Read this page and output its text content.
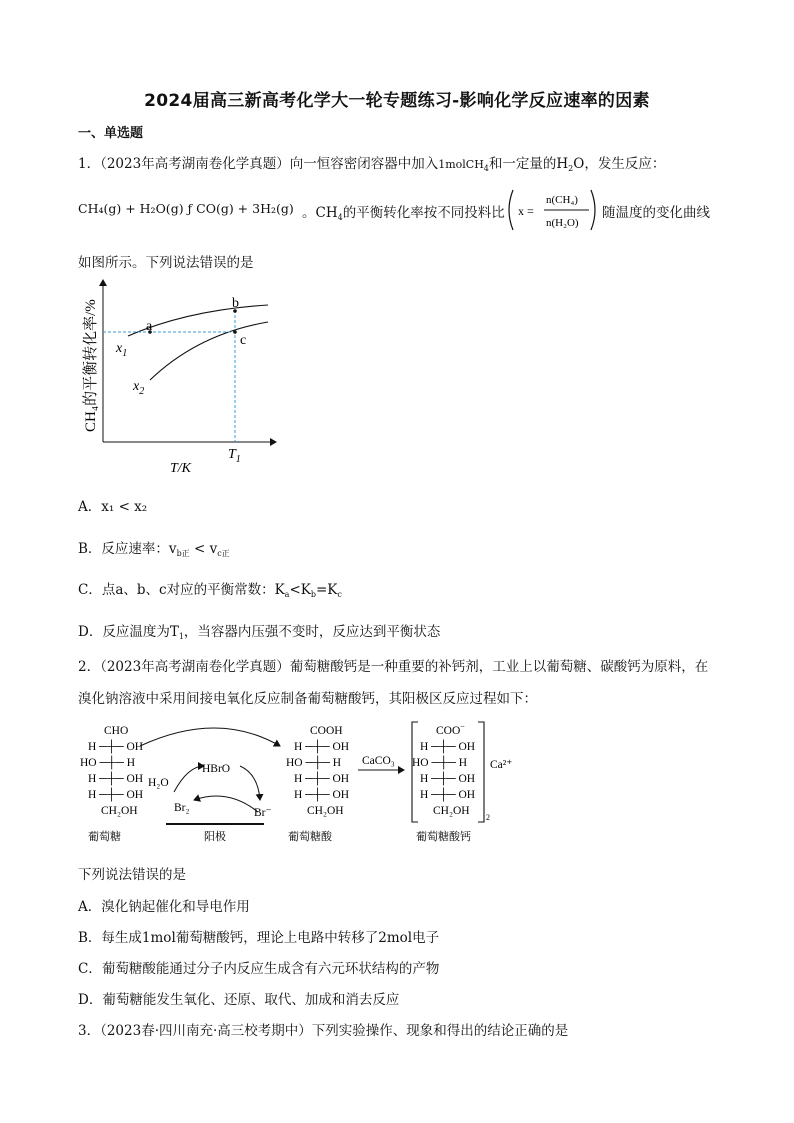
2024届高三新高考化学大一轮专题练习-影响化学反应速率的因素
一、单选题
1．（2023年高考湖南卷化学真题）向一恒容密闭容器中加入1molCH$_4$和一定量的$H_2O$，发生反应：
CH₄(g) + H₂O(g) ƒ CO(g) + 3H₂(g) 。$CH_4$的平衡转化率按不同投料比 x =
n(CH₄)
n(H₂O)
随温度的变化曲线
如图所示。下列说法错误的是
CH₄的平衡转化率/%	a
b
c
$x_1$
$x_2$
$T_1$
T/K
A．x₁ < x₂
B．反应速率：$v_{b正} < v_{c正}$
C．点a、b、c对应的平衡常数：$K_a<K_b=K_c$
D．反应温度为$T_1$，当容器内压强不变时，反应达到平衡状态
2．（2023年高考湖南卷化学真题）葡萄糖酸钙是一种重要的补钙剂，工业上以葡萄糖、碳酸钙为原料，在
溴化钠溶液中采用间接电氧化反应制备葡萄糖酸钙，其阳极区反应过程如下：
CHO
H ─┼─ OH
HO ─┼─ H
H ─┼─ OH
H ─┼─ OH
CH₂OH
葡萄糖
HBrO
H₂O
Br₂	Br⁻
阳极
COOH
H ─┼─ OH
HO ─┼─ H
H ─┼─ OH
H ─┼─ OH
CH₂OH
葡萄糖酸
CaCO₃
COO−
H ─┼─ OH
HO ─┼─ H
H ─┼─ OH
H ─┼─ OH
CH₂OH
2
Ca²⁺
葡萄糖酸钙
下列说法错误的是
A．溴化钠起催化和导电作用
B．每生成1mol葡萄糖酸钙，理论上电路中转移了2mol电子
C．葡萄糖酸能通过分子内反应生成含有六元环状结构的产物
D．葡萄糖能发生氧化、还原、取代、加成和消去反应
3．（2023春·四川南充·高三校考期中）下列实验操作、现象和得出的结论正确的是
